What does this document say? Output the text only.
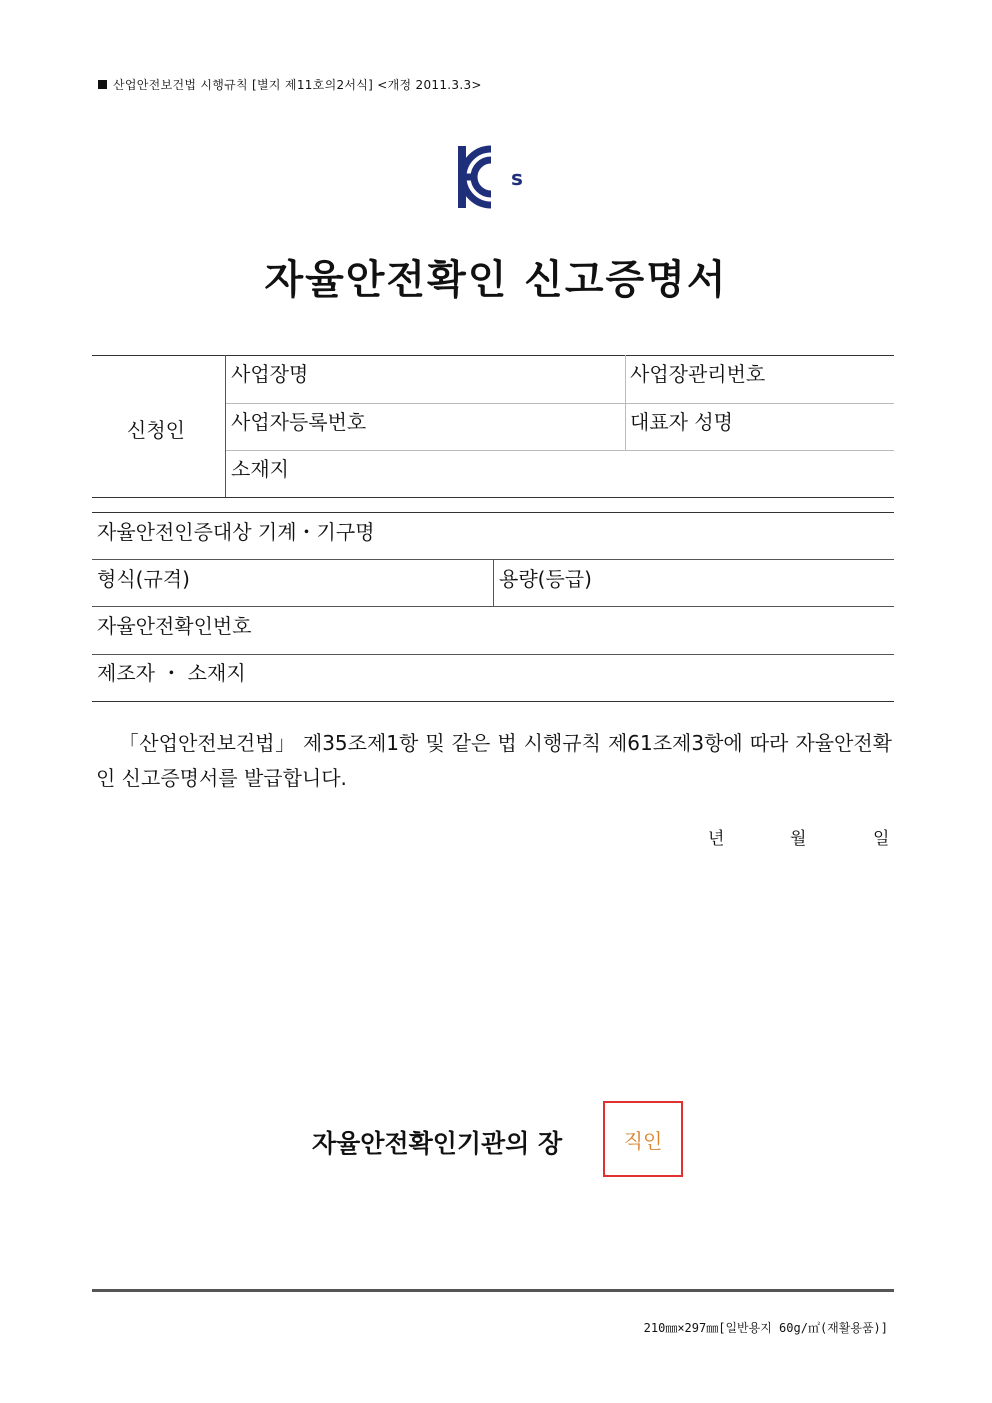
산업안전보건법 시행규칙 [별지 제11호의2서식] <개정 2011.3.3>
s
자율안전확인 신고증명서
신청인
사업장명	사업장관리번호
사업자등록번호	대표자 성명
소재지
자율안전인증대상 기계・기구명
형식(규격)	용량(등급)
자율안전확인번호
제조자 ・ 소재지
「산업안전보건법」 제35조제1항 및 같은 법 시행규칙 제61조제3항에 따라 자율안전확인 신고증명서를 발급합니다.
년	월	일
자율안전확인기관의 장	직인
210㎜×297㎜[일반용지 60g/㎡(재활용품)]
